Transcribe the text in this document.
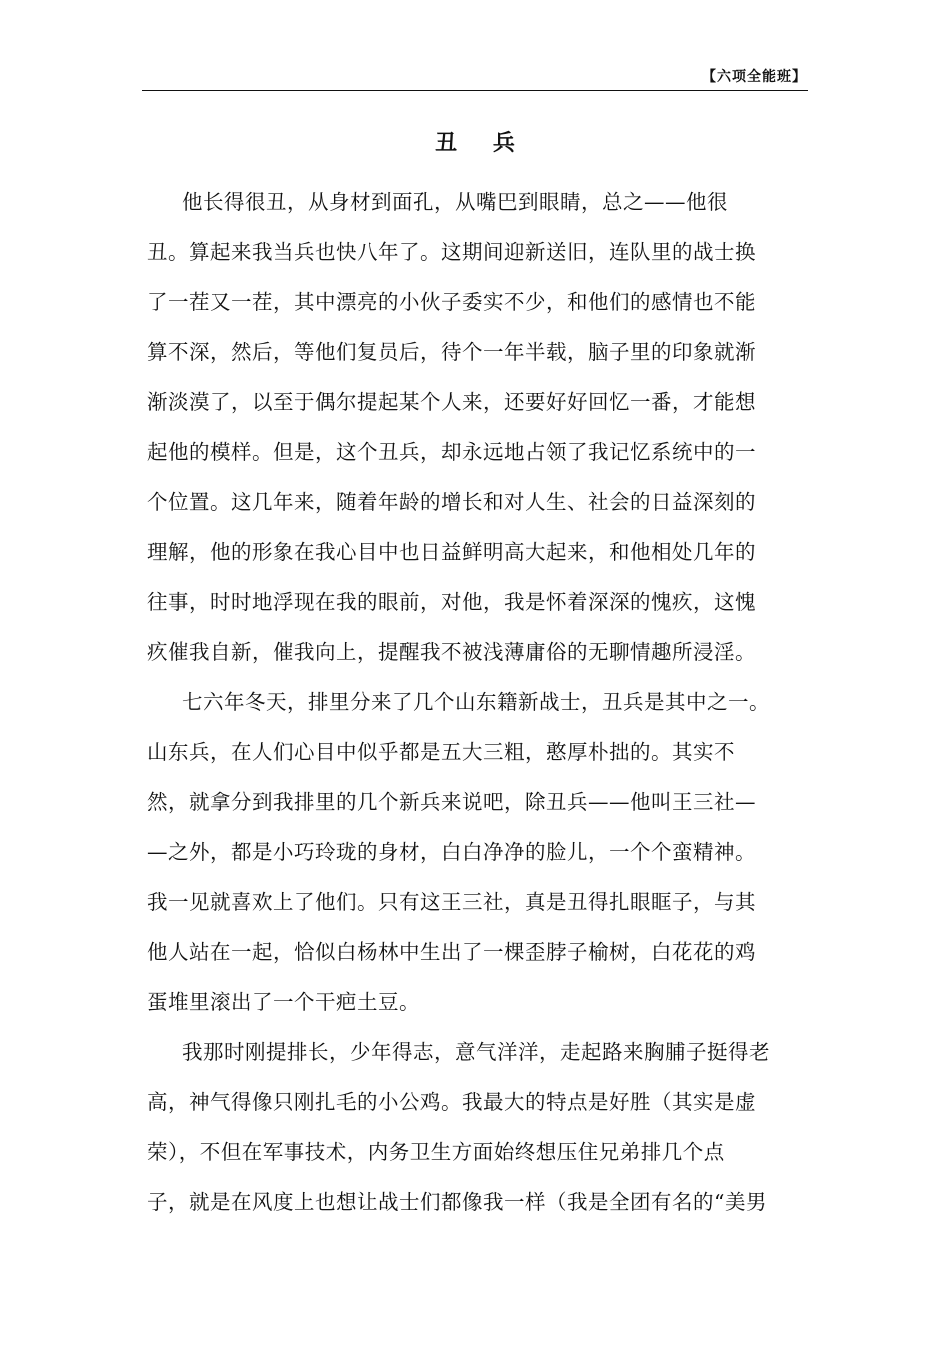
【六项全能班】
丑 兵
他长得很丑，从身材到面孔，从嘴巴到眼睛，总之——他很
丑。算起来我当兵也快八年了。这期间迎新送旧，连队里的战士换
了一茬又一茬，其中漂亮的小伙子委实不少，和他们的感情也不能
算不深，然后，等他们复员后，待个一年半载，脑子里的印象就渐
渐淡漠了，以至于偶尔提起某个人来，还要好好回忆一番，才能想
起他的模样。但是，这个丑兵，却永远地占领了我记忆系统中的一
个位置。这几年来，随着年龄的增长和对人生、社会的日益深刻的
理解，他的形象在我心目中也日益鲜明高大起来，和他相处几年的
往事，时时地浮现在我的眼前，对他，我是怀着深深的愧疚，这愧
疚催我自新，催我向上，提醒我不被浅薄庸俗的无聊情趣所浸淫。
七六年冬天，排里分来了几个山东籍新战士，丑兵是其中之一。
山东兵，在人们心目中似乎都是五大三粗，憨厚朴拙的。其实不
然，就拿分到我排里的几个新兵来说吧，除丑兵——他叫王三社—
—之外，都是小巧玲珑的身材，白白净净的脸儿，一个个蛮精神。
我一见就喜欢上了他们。只有这王三社，真是丑得扎眼眶子，与其
他人站在一起，恰似白杨林中生出了一棵歪脖子榆树，白花花的鸡
蛋堆里滚出了一个干疤土豆。
我那时刚提排长，少年得志，意气洋洋，走起路来胸脯子挺得老
高，神气得像只刚扎毛的小公鸡。我最大的特点是好胜（其实是虚
荣），不但在军事技术，内务卫生方面始终想压住兄弟排几个点
子，就是在风度上也想让战士们都像我一样（我是全团有名的“美男
